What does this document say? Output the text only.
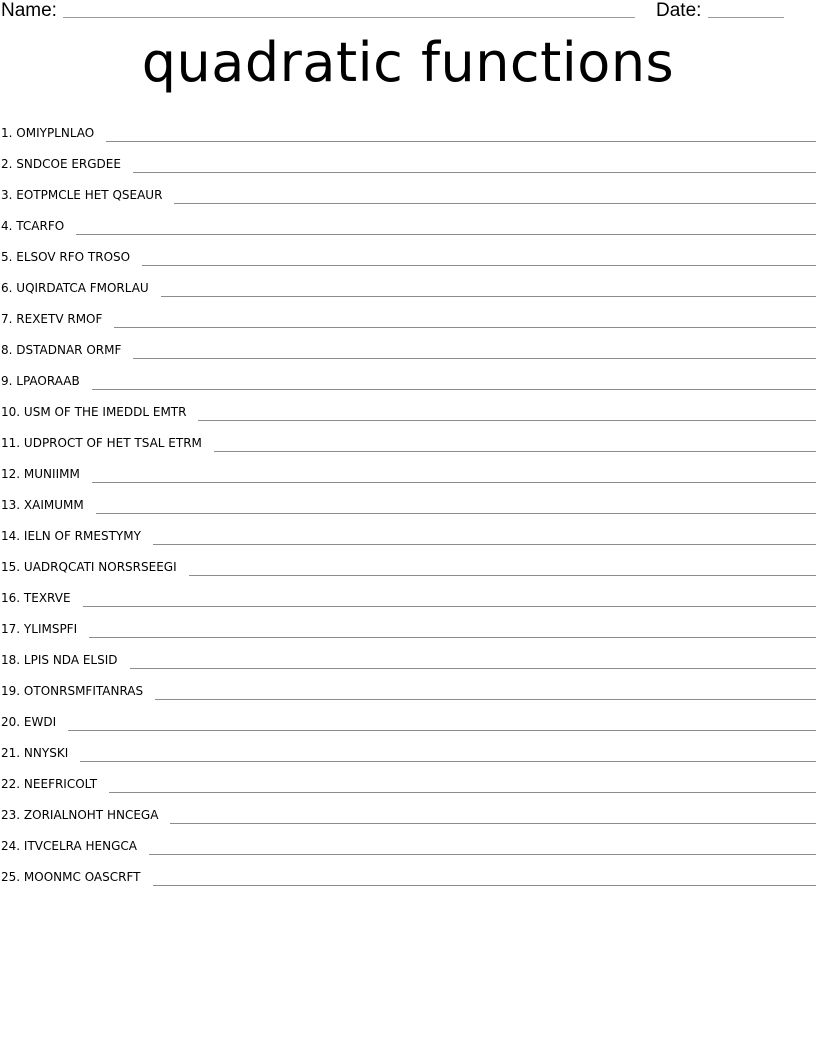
Name:	Date:
quadratic functions
1. OMIYPLNLAO
2. SNDCOE ERGDEE
3. EOTPMCLE HET QSEAUR
4. TCARFO
5. ELSOV RFO TROSO
6. UQIRDATCA FMORLAU
7. REXETV RMOF
8. DSTADNAR ORMF
9. LPAORAAB
10. USM OF THE IMEDDL EMTR
11. UDPROCT OF HET TSAL ETRM
12. MUNIIMM
13. XAIMUMM
14. IELN OF RMESTYMY
15. UADRQCATI NORSRSEEGI
16. TEXRVE
17. YLIMSPFI
18. LPIS NDA ELSID
19. OTONRSMFITANRAS
20. EWDI
21. NNYSKI
22. NEEFRICOLT
23. ZORIALNOHT HNCEGA
24. ITVCELRA HENGCA
25. MOONMC OASCRFT
